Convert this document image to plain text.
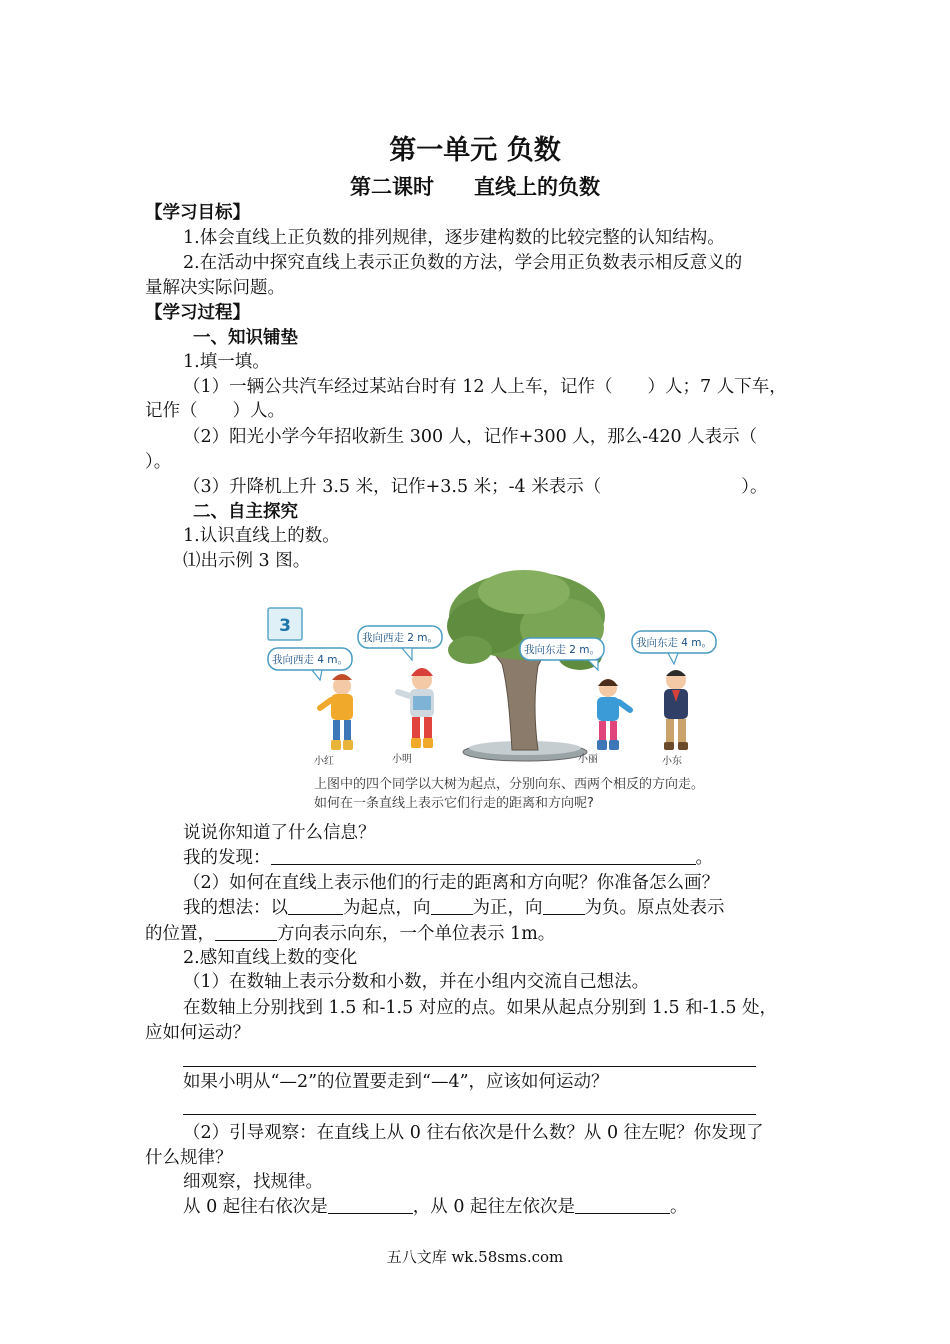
第一单元 负数
第二课时 直线上的负数
【学习目标】
1.体会直线上正负数的排列规律，逐步建构数的比较完整的认知结构。
2.在活动中探究直线上表示正负数的方法，学会用正负数表示相反意义的
量解决实际问题。
【学习过程】
一、知识铺垫
1.填一填。
（1）一辆公共汽车经过某站台时有 12 人上车，记作（　　）人；7 人下车，
记作（　　）人。
（2）阳光小学今年招收新生 300 人，记作+300 人，那么-420 人表示（
）。
（3）升降机上升 3.5 米，记作+3.5 米；-4 米表示（　　　　　　　　）。
二、自主探究
1.认识直线上的数。
⑴出示例 3 图。
3
我向西走 4 m。
我向西走 2 m。
我向东走 2 m。
我向东走 4 m。
小红	小明	小丽	小东
上图中的四个同学以大树为起点，分别向东、西两个相反的方向走。
如何在一条直线上表示它们行走的距离和方向呢?
说说你知道了什么信息？
我的发现：	。
（2）如何在直线上表示他们的行走的距离和方向呢？你准备怎么画？
我的想法：以	为起点，向 为正，向 为负。原点处表示
的位置，	方向表示向东，一个单位表示 1m。
2.感知直线上数的变化
（1）在数轴上表示分数和小数，并在小组内交流自己想法。
在数轴上分别找到 1.5 和-1.5 对应的点。如果从起点分别到 1.5 和-1.5 处，
应如何运动？
如果小明从“—2”的位置要走到“—4”，应该如何运动？
（2）引导观察：在直线上从 0 往右依次是什么数？从 0 往左呢？你发现了
什么规律？
细观察，找规律。
从 0 起往右依次是	，从 0 起往左依次是	。
五八文库 wk.58sms.com
